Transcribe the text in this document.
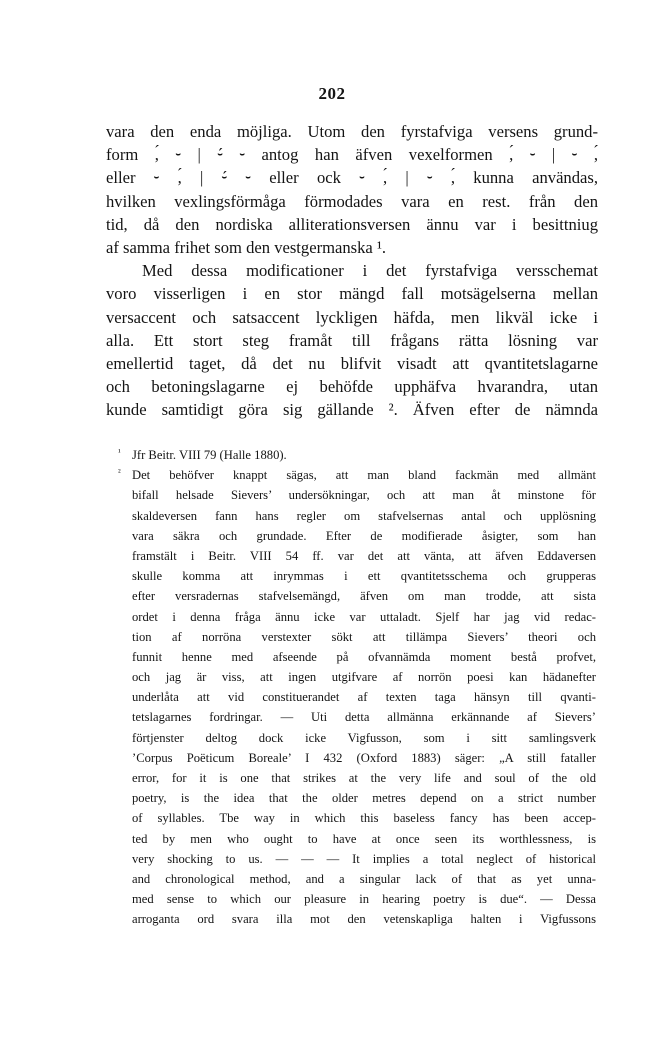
202
vara den enda möjliga. Utom den fyrstafviga versens grund-
form ⁠,́ ⏑ | ⏑́ ⏑ antog han äfven vexelformen ,́ ⏑ | ⏑ ,́
eller ⏑ ,́ | ⏑́ ⏑ eller ock ⏑ ,́ | ⏑ ,́ kunna användas,
hvilken vexlingsförmåga förmodades vara en rest. från den
tid, då den nordiska alliterationsversen ännu var i besittniug
af samma frihet som den vestgermanska ¹.
Med dessa modificationer i det fyrstafviga versschemat
voro visserligen i en stor mängd fall motsägelserna mellan
versaccent och satsaccent lyckligen häfda, men likväl icke i
alla. Ett stort steg framåt till frågans rätta lösning var
emellertid taget, då det nu blifvit visadt att qvantitetslagarne
och betoningslagarne ej behöfde upphäfva hvarandra, utan
kunde samtidigt göra sig gällande ². Äfven efter de nämnda
¹ Jfr Beitr. VIII 79 (Halle 1880).
² Det behöfver knappt sägas, att man bland fackmän med allmänt
bifall helsade Sievers’ undersökningar, och att man åt minstone för
skaldeversen fann hans regler om stafvelsernas antal och upplösning
vara säkra och grundade. Efter de modifierade åsigter, som han
framstält i Beitr. VIII 54 ff. var det att vänta, att äfven Eddaversen
skulle komma att inrymmas i ett qvantitetsschema och grupperas
efter versradernas stafvelsemängd, äfven om man trodde, att sista
ordet i denna fråga ännu icke var uttaladt. Sjelf har jag vid redac-
tion af norröna verstexter sökt att tillämpa Sievers’ theori och
funnit henne med afseende på ofvannämda moment bestå profvet,
och jag är viss, att ingen utgifvare af norrön poesi kan hädanefter
underlåta att vid constituerandet af texten taga hänsyn till qvanti-
tetslagarnes fordringar. — Uti detta allmänna erkännande af Sievers’
förtjenster deltog dock icke Vigfusson, som i sitt samlingsverk
’Corpus Poëticum Boreale’ I 432 (Oxford 1883) säger: „A still fataller
error, for it is one that strikes at the very life and soul of the old
poetry, is the idea that the older metres depend on a strict number
of syllables. Tbe way in which this baseless fancy has been accep-
ted by men who ought to have at once seen its worthlessness, is
very shocking to us. — — — It implies a total neglect of historical
and chronological method, and a singular lack of that as yet unna-
med sense to which our pleasure in hearing poetry is due“. — Dessa
arroganta ord svara illa mot den vetenskapliga halten i Vigfussons
